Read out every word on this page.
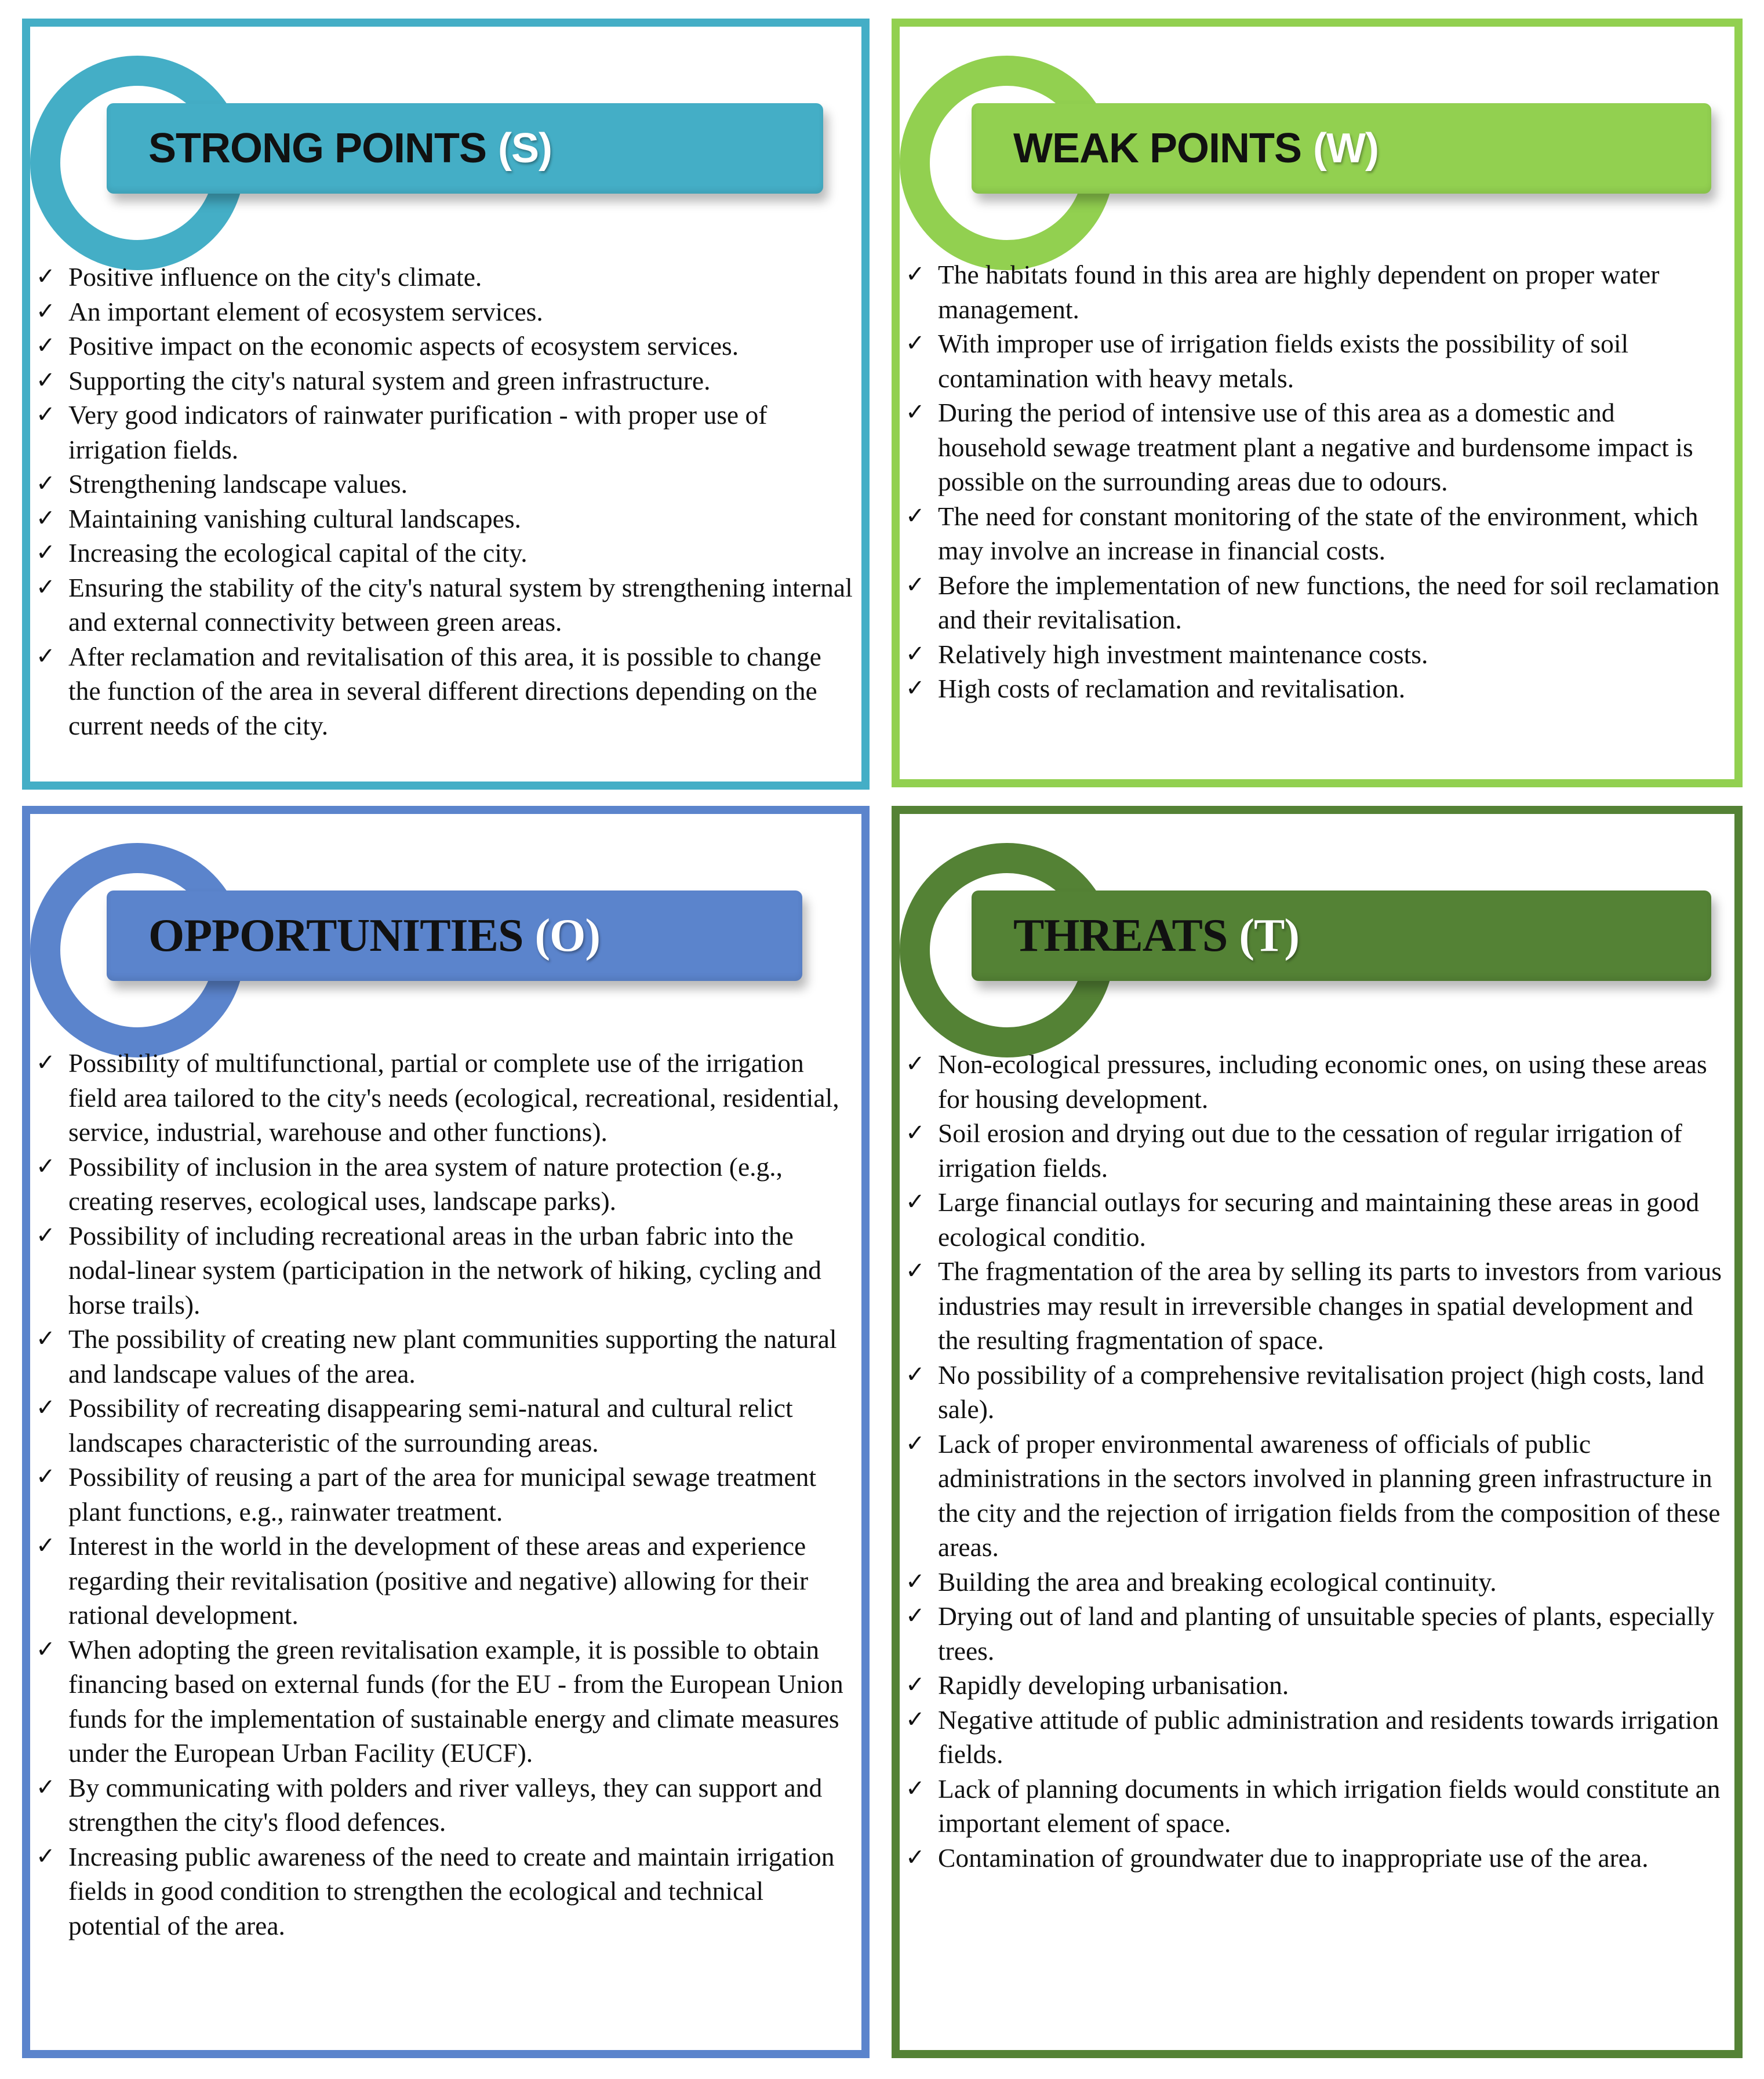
STRONG POINTS (S)
✓ Positive influence on the city's climate.
✓ An important element of ecosystem services.
✓ Positive impact on the economic aspects of ecosystem services.
✓ Supporting the city's natural system and green infrastructure.
✓ Very good indicators of rainwater purification - with proper use of irrigation fields.
✓ Strengthening landscape values.
✓ Maintaining vanishing cultural landscapes.
✓ Increasing the ecological capital of the city.
✓ Ensuring the stability of the city's natural system by strengthening internal and external connectivity between green areas.
✓ After reclamation and revitalisation of this area, it is possible to change the function of the area in several different directions depending on the current needs of the city.
WEAK POINTS (W)
✓ The habitats found in this area are highly dependent on proper water management.
✓ With improper use of irrigation fields exists the possibility of soil contamination with heavy metals.
✓ During the period of intensive use of this area as a domestic and household sewage treatment plant a negative and burdensome impact is possible on the surrounding areas due to odours.
✓ The need for constant monitoring of the state of the environment, which may involve an increase in financial costs.
✓ Before the implementation of new functions, the need for soil reclamation and their revitalisation.
✓ Relatively high investment maintenance costs.
✓ High costs of reclamation and revitalisation.
OPPORTUNITIES (O)
✓ Possibility of multifunctional, partial or complete use of the irrigation field area tailored to the city's needs (ecological, recreational, residential, service, industrial, warehouse and other functions).
✓ Possibility of inclusion in the area system of nature protection (e.g., creating reserves, ecological uses, landscape parks).
✓ Possibility of including recreational areas in the urban fabric into the nodal-linear system (participation in the network of hiking, cycling and horse trails).
✓ The possibility of creating new plant communities supporting the natural and landscape values of the area.
✓ Possibility of recreating disappearing semi-natural and cultural relict landscapes characteristic of the surrounding areas.
✓ Possibility of reusing a part of the area for municipal sewage treatment plant functions, e.g., rainwater treatment.
✓ Interest in the world in the development of these areas and experience regarding their revitalisation (positive and negative) allowing for their rational development.
✓ When adopting the green revitalisation example, it is possible to obtain financing based on external funds (for the EU - from the European Union funds for the implementation of sustainable energy and climate measures under the European Urban Facility (EUCF).
✓ By communicating with polders and river valleys, they can support and strengthen the city's flood defences.
✓ Increasing public awareness of the need to create and maintain irrigation fields in good condition to strengthen the ecological and technical potential of the area.
THREATS (T)
✓ Non-ecological pressures, including economic ones, on using these areas for housing development.
✓ Soil erosion and drying out due to the cessation of regular irrigation of irrigation fields.
✓ Large financial outlays for securing and maintaining these areas in good ecological conditio.
✓ The fragmentation of the area by selling its parts to investors from various industries may result in irreversible changes in spatial development and the resulting fragmentation of space.
✓ No possibility of a comprehensive revitalisation project (high costs, land sale).
✓ Lack of proper environmental awareness of officials of public administrations in the sectors involved in planning green infrastructure in the city and the rejection of irrigation fields from the composition of these areas.
✓ Building the area and breaking ecological continuity.
✓ Drying out of land and planting of unsuitable species of plants, especially trees.
✓ Rapidly developing urbanisation.
✓ Negative attitude of public administration and residents towards irrigation fields.
✓ Lack of planning documents in which irrigation fields would constitute an important element of space.
✓ Contamination of groundwater due to inappropriate use of the area.
